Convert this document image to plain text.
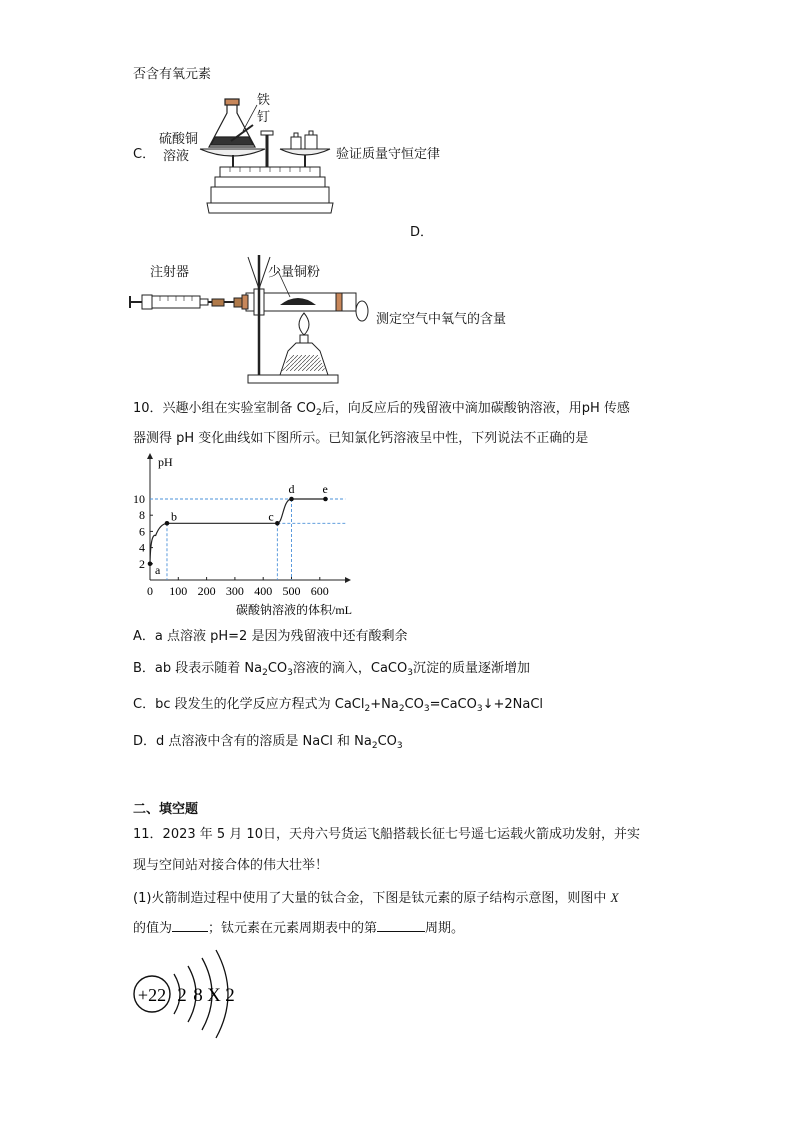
否含有氧元素
C．
硫酸铜
溶液
铁
钉
验证质量守恒定律
D．
注射器	少量铜粉
测定空气中氧气的含量
10．兴趣小组在实验室制备 $CO_2$后，向反应后的残留液中滴加碳酸钠溶液，用pH 传感
器测得 pH 变化曲线如下图所示。已知氯化钙溶液呈中性，下列说法不正确的是
pH
碳酸钠溶液的体积/mL
0 100 200 300 400 500 600
2
4
6
8
10
a
b	c
d e
A．a 点溶液 pH=2 是因为残留液中还有酸剩余
B．ab 段表示随着 $Na_2CO_3$溶液的滴入，CaCO$_3$沉淀的质量逐渐增加
C．bc 段发生的化学反应方程式为 $CaCl_2+Na_2CO_3=CaCO_3↓+2NaCl$
D．d 点溶液中含有的溶质是 NaCl 和 $Na_2CO_3$
二、填空题
11．2023 年 5 月 10日，天舟六号货运飞船搭载长征七号遥七运载火箭成功发射，并实
现与空间站对接合体的伟大壮举！
(1)火箭制造过程中使用了大量的钛合金，下图是钛元素的原子结构示意图，则图中 X
的值为	；钛元素在元素周期表中的第	周期。
+22 2 8 X 2
